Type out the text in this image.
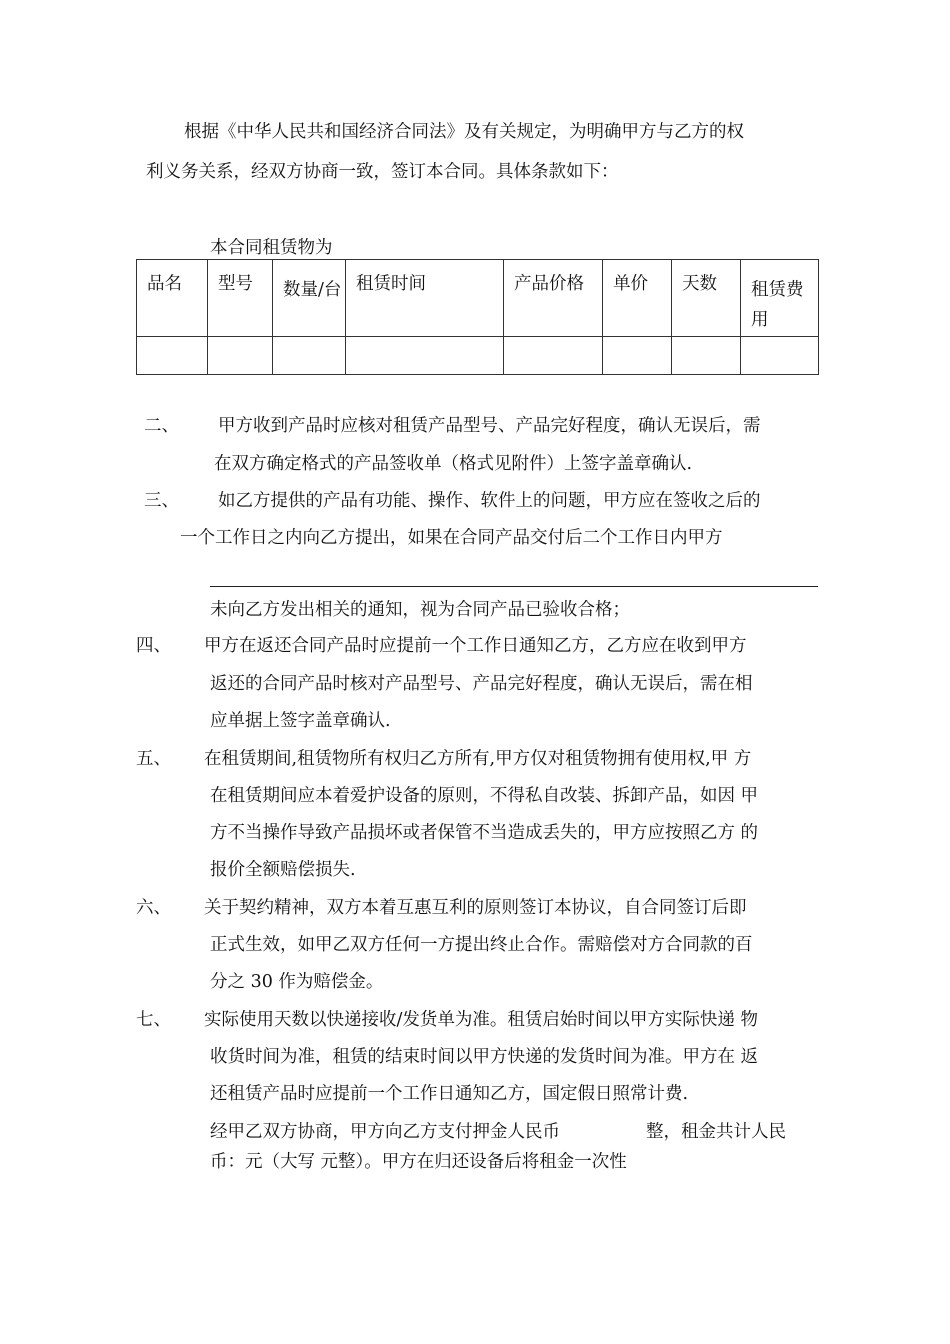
根据《中华人民共和国经济合同法》及有关规定，为明确甲方与乙方的权
利义务关系，经双方协商一致，签订本合同。具体条款如下：
本合同租赁物为
品名	型号	数量/台	租赁时间	产品价格	单价	天数	租赁费用

二、 甲方收到产品时应核对租赁产品型号、产品完好程度，确认无误后，需
在双方确定格式的产品签收单（格式见附件）上签字盖章确认.
三、 如乙方提供的产品有功能、操作、软件上的问题，甲方应在签收之后的
一个工作日之内向乙方提出，如果在合同产品交付后二个工作日内甲方
未向乙方发出相关的通知，视为合同产品已验收合格；
四、 甲方在返还合同产品时应提前一个工作日通知乙方，乙方应在收到甲方
返还的合同产品时核对产品型号、产品完好程度，确认无误后，需在相
应单据上签字盖章确认.
五、 在租赁期间,租赁物所有权归乙方所有,甲方仅对租赁物拥有使用权,甲 方
在租赁期间应本着爱护设备的原则，不得私自改装、拆卸产品，如因 甲
方不当操作导致产品损坏或者保管不当造成丢失的，甲方应按照乙方 的
报价全额赔偿损失.
六、 关于契约精神，双方本着互惠互利的原则签订本协议，自合同签订后即
正式生效，如甲乙双方任何一方提出终止合作。需赔偿对方合同款的百
分之 30 作为赔偿金。
七、 实际使用天数以快递接收/发货单为准。租赁启始时间以甲方实际快递 物
收货时间为准，租赁的结束时间以甲方快递的发货时间为准。甲方在 返
还租赁产品时应提前一个工作日通知乙方，国定假日照常计费.
经甲乙双方协商，甲方向乙方支付押金人民币	整，租金共计人民
币：元（大写 元整）。甲方在归还设备后将租金一次性
